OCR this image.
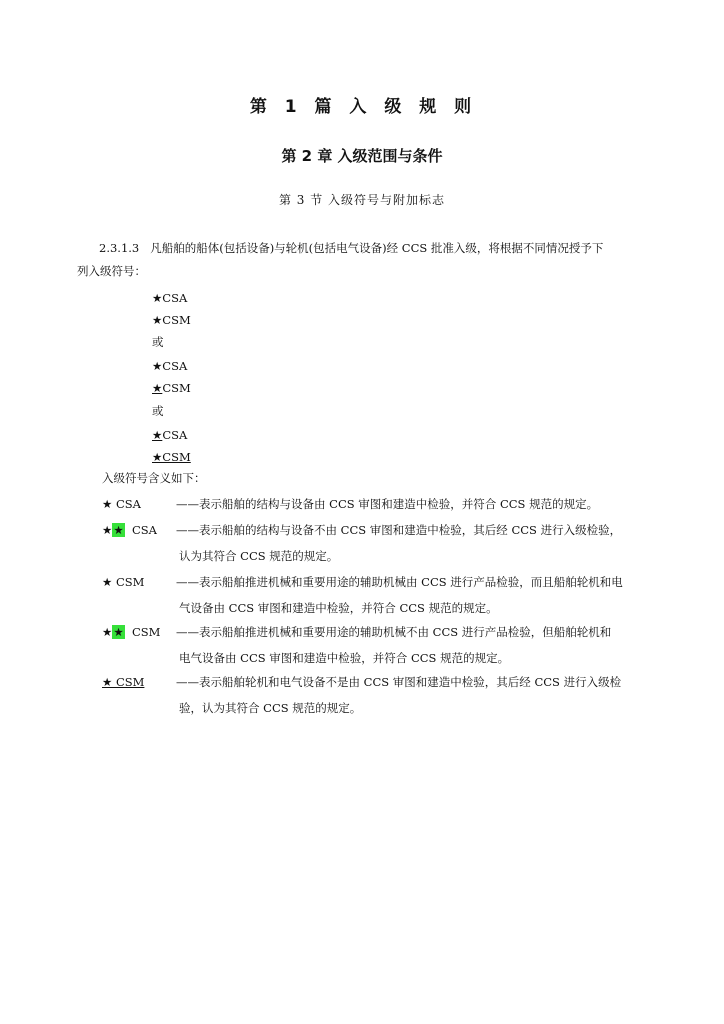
第 1 篇 入 级 规 则
第 2 章 入级范围与条件
第 3 节 入级符号与附加标志
2.3.1.3 凡船舶的船体(包括设备)与轮机(包括电气设备)经 CCS 批准入级，将根据不同情况授予下
列入级符号：
★CSA
★CSM
或
★CSA
★CSM
或
★CSA
★CSM
入级符号含义如下：
★ CSA	——表示船舶的结构与设备由 CCS 审图和建造中检验，并符合 CCS 规范的规定。
★★ CSA ——表示船舶的结构与设备不由 CCS 审图和建造中检验，其后经 CCS 进行入级检验，
认为其符合 CCS 规范的规定。
★ CSM	——表示船舶推进机械和重要用途的辅助机械由 CCS 进行产品检验，而且船舶轮机和电
气设备由 CCS 审图和建造中检验，并符合 CCS 规范的规定。
★★ CSM ——表示船舶推进机械和重要用途的辅助机械不由 CCS 进行产品检验，但船舶轮机和
电气设备由 CCS 审图和建造中检验，并符合 CCS 规范的规定。
★ CSM	——表示船舶轮机和电气设备不是由 CCS 审图和建造中检验，其后经 CCS 进行入级检
验，认为其符合 CCS 规范的规定。
